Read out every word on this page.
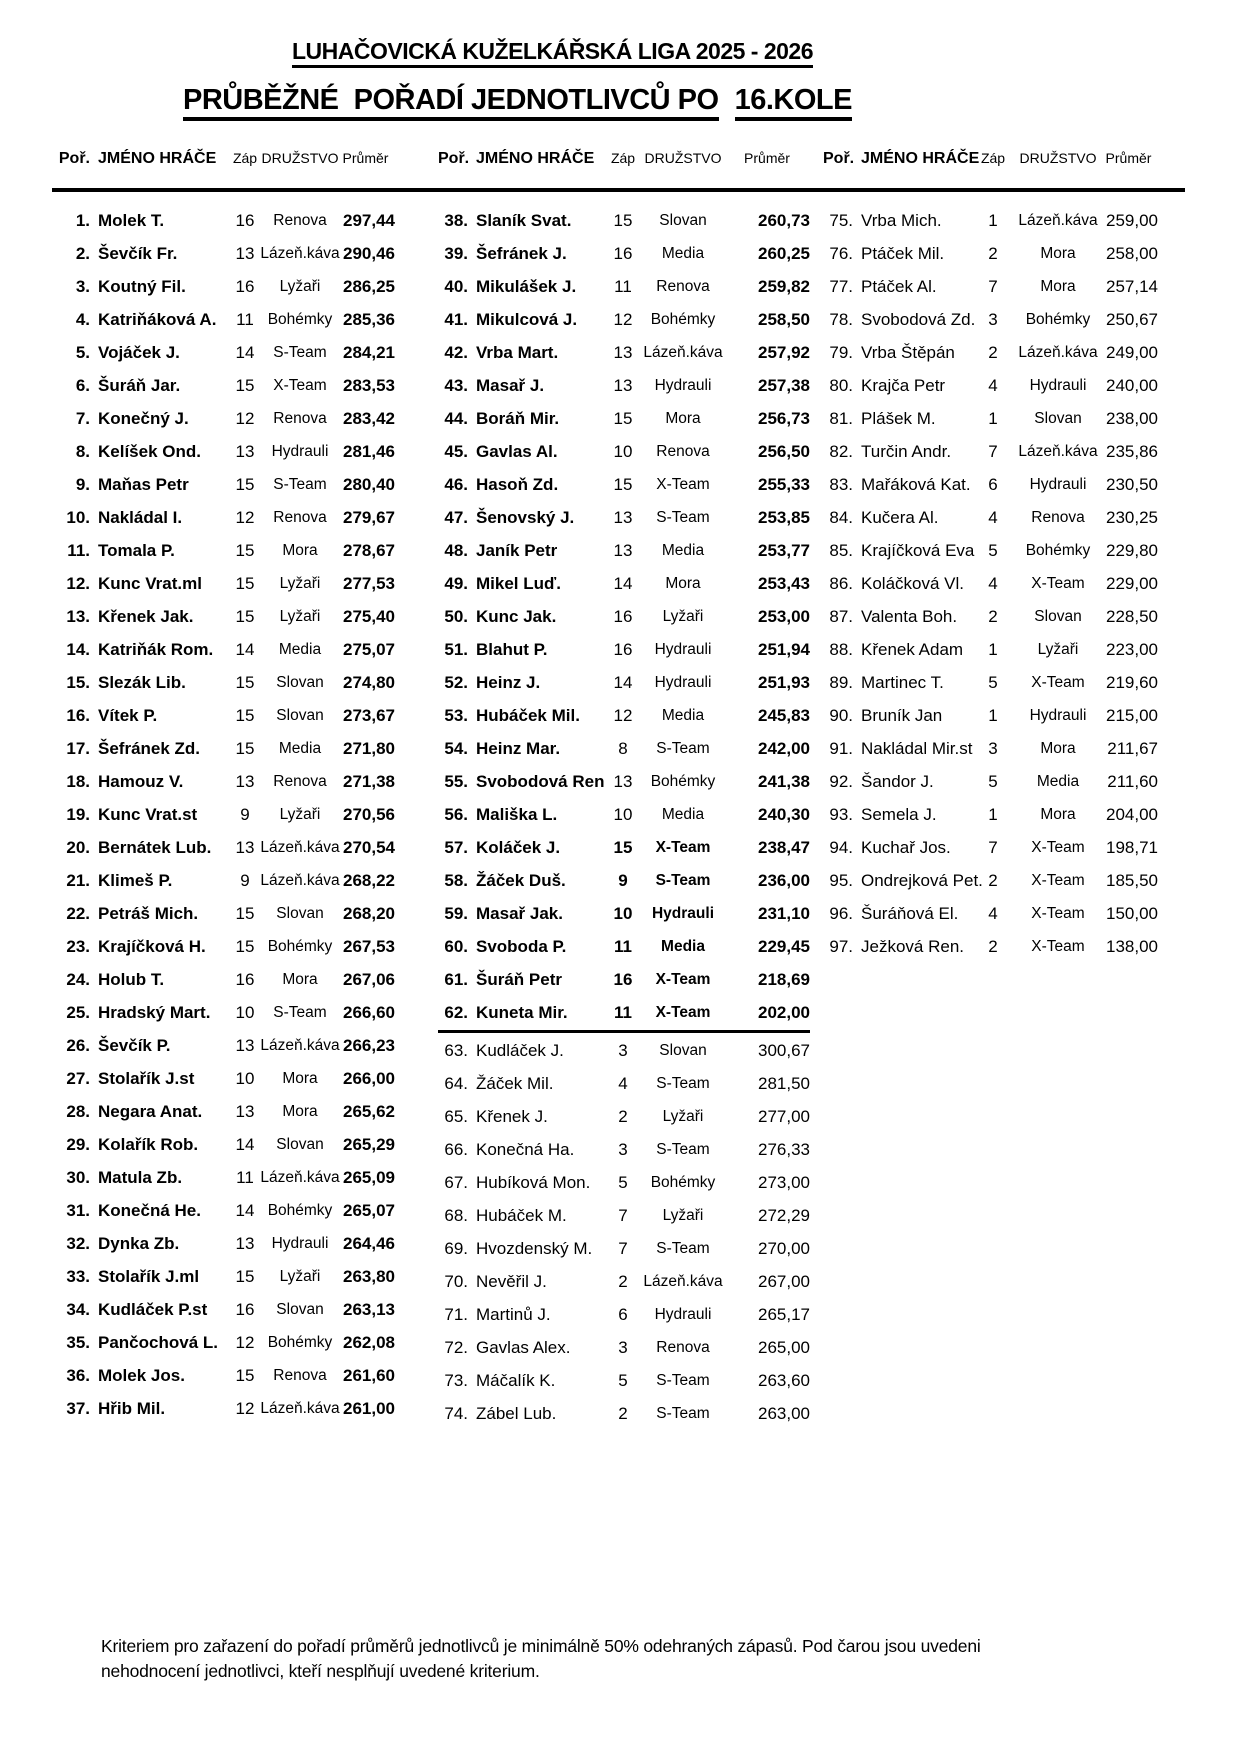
LUHAČOVICKÁ KUŽELKÁŘSKÁ LIGA 2025 - 2026
PRŮBĚŽNÉ  POŘADÍ JEDNOTLIVCŮ PO 16.KOLE
Poř. JMÉNO HRÁČE	Záp DRUŽSTVO Průměr
1. Molek T.	16	Renova 297,44
2. Ševčík Fr.	13 Lázeň.káva 290,46
3. Koutný Fil.	16	Lyžaři	286,25
4. Katriňáková A.	11 Bohémky 285,36
5. Vojáček J.	14	S-Team 284,21
6. Šuráň Jar.	15	X-Team 283,53
7. Konečný J.	12	Renova 283,42
8. Kelíšek Ond.	13	Hydrauli 281,46
9. Maňas Petr	15	S-Team 280,40
10. Nakládal I.	12	Renova 279,67
11. Tomala P.	15	Mora	278,67
12. Kunc Vrat.ml	15	Lyžaři	277,53
13. Křenek Jak.	15	Lyžaři	275,40
14. Katriňák Rom.	14	Media	275,07
15. Slezák Lib.	15	Slovan	274,80
16. Vítek P.	15	Slovan	273,67
17. Šefránek Zd.	15	Media	271,80
18. Hamouz V.	13	Renova 271,38
19. Kunc Vrat.st	9	Lyžaři	270,56
20. Bernátek Lub.	13 Lázeň.káva 270,54
21. Klimeš P.	9 Lázeň.káva 268,22
22. Petráš Mich.	15	Slovan	268,20
23. Krajíčková H.	15 Bohémky 267,53
24. Holub T.	16	Mora	267,06
25. Hradský Mart.	10	S-Team 266,60
26. Ševčík P.	13 Lázeň.káva 266,23
27. Stolařík J.st	10	Mora	266,00
28. Negara Anat.	13	Mora	265,62
29. Kolařík Rob.	14	Slovan	265,29
30. Matula Zb.	11 Lázeň.káva 265,09
31. Konečná He.	14 Bohémky 265,07
32. Dynka Zb.	13	Hydrauli 264,46
33. Stolařík J.ml	15	Lyžaři	263,80
34. Kudláček P.st	16	Slovan	263,13
35. Pančochová L.	12 Bohémky 262,08
36. Molek Jos.	15	Renova 261,60
37. Hřib Mil.	12 Lázeň.káva 261,00
Poř. JMÉNO HRÁČE	Záp DRUŽSTVO	Průměr
38. Slaník Svat.	15	Slovan	260,73
39. Šefránek J.	16	Media	260,25
40. Mikulášek J.	11	Renova	259,82
41. Mikulcová J.	12	Bohémky	258,50
42. Vrba Mart.	13 Lázeň.káva	257,92
43. Masař J.	13	Hydrauli	257,38
44. Boráň Mir.	15	Mora	256,73
45. Gavlas Al.	10	Renova	256,50
46. Hasoň Zd.	15	X-Team	255,33
47. Šenovský J.	13	S-Team	253,85
48. Janík Petr	13	Media	253,77
49. Mikel Luď.	14	Mora	253,43
50. Kunc Jak.	16	Lyžaři	253,00
51. Blahut P.	16	Hydrauli	251,94
52. Heinz J.	14	Hydrauli	251,93
53. Hubáček Mil.	12	Media	245,83
54. Heinz Mar.	8	S-Team	242,00
55. Svobodová Ren 13	Bohémky	241,38
56. Mališka L.	10	Media	240,30
57. Koláček J.	15	X-Team	238,47
58. Žáček Duš.	9	S-Team	236,00
59. Masař Jak.	10	Hydrauli	231,10
60. Svoboda P.	11	Media	229,45
61. Šuráň Petr	16	X-Team	218,69
62. Kuneta Mir.	11	X-Team	202,00
63. Kudláček J.	3	Slovan	300,67
64. Žáček Mil.	4	S-Team	281,50
65. Křenek J.	2	Lyžaři	277,00
66. Konečná Ha.	3	S-Team	276,33
67. Hubíková Mon.	5	Bohémky	273,00
68. Hubáček M.	7	Lyžaři	272,29
69. Hvozdenský M.	7	S-Team	270,00
70. Nevěřil J.	2	Lázeň.káva	267,00
71. Martinů J.	6	Hydrauli	265,17
72. Gavlas Alex.	3	Renova	265,00
73. Máčalík K.	5	S-Team	263,60
74. Zábel Lub.	2	S-Team	263,00
Poř. JMÉNO HRÁČE Záp	DRUŽSTVO Průměr
75. Vrba Mich.	1	Lázeň.káva 259,00
76. Ptáček Mil.	2	Mora	258,00
77. Ptáček Al.	7	Mora	257,14
78. Svobodová Zd. 3	Bohémky 250,67
79. Vrba Štěpán	2	Lázeň.káva 249,00
80. Krajča Petr	4	Hydrauli	240,00
81. Plášek M.	1	Slovan	238,00
82. Turčin Andr.	7	Lázeň.káva 235,86
83. Mařáková Kat.	6	Hydrauli	230,50
84. Kučera Al.	4	Renova	230,25
85. Krajíčková Eva 5	Bohémky 229,80
86. Koláčková Vl.	4	X-Team	229,00
87. Valenta Boh.	2	Slovan	228,50
88. Křenek Adam	1	Lyžaři	223,00
89. Martinec T.	5	X-Team	219,60
90. Bruník Jan	1	Hydrauli	215,00
91. Nakládal Mir.st 3	Mora	211,67
92. Šandor J.	5	Media	211,60
93. Semela J.	1	Mora	204,00
94. Kuchař Jos.	7	X-Team	198,71
95. Ondrejková Pet. 2	X-Team	185,50
96. Šuráňová El.	4	X-Team	150,00
97. Ježková Ren.	2	X-Team	138,00
Kriteriem pro zařazení do pořadí průměrů jednotlivců je minimálně 50% odehraných zápasů. Pod čarou jsou uvedeni
nehodnocení jednotlivci, kteří nesplňují uvedené kriterium.
